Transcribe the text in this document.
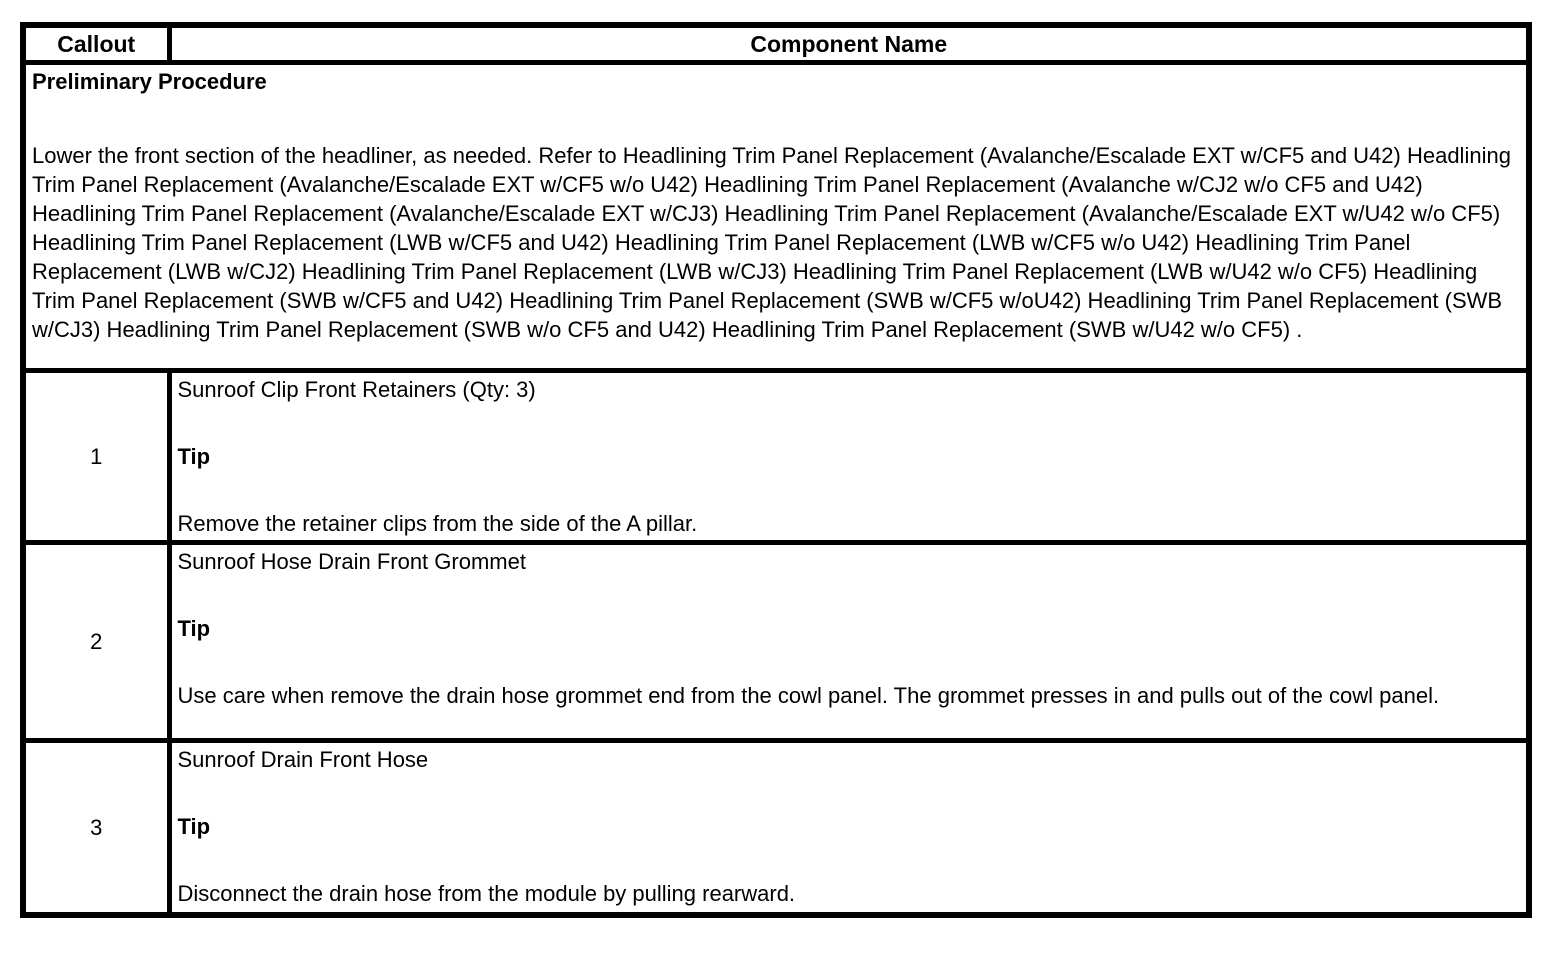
Callout	Component Name

Preliminary Procedure

Lower the front section of the headliner, as needed. Refer to Headlining Trim Panel Replacement (Avalanche/Escalade EXT w/CF5 and U42) Headlining Trim Panel Replacement (Avalanche/Escalade EXT w/CF5 w/o U42) Headlining Trim Panel Replacement (Avalanche w/CJ2 w/o CF5 and U42) Headlining Trim Panel Replacement (Avalanche/Escalade EXT w/CJ3) Headlining Trim Panel Replacement (Avalanche/Escalade EXT w/U42 w/o CF5) Headlining Trim Panel Replacement (LWB w/CF5 and U42) Headlining Trim Panel Replacement (LWB w/CF5 w/o U42) Headlining Trim Panel Replacement (LWB w/CJ2) Headlining Trim Panel Replacement (LWB w/CJ3) Headlining Trim Panel Replacement (LWB w/U42 w/o CF5) Headlining Trim Panel Replacement (SWB w/CF5 and U42) Headlining Trim Panel Replacement (SWB w/CF5 w/oU42) Headlining Trim Panel Replacement (SWB w/CJ3) Headlining Trim Panel Replacement (SWB w/o CF5 and U42) Headlining Trim Panel Replacement (SWB w/U42 w/o CF5) .	

1	Sunroof Clip Front Retainers (Qty: 3)

Tip

Remove the retainer clips from the side of the A pillar.

2	Sunroof Hose Drain Front Grommet

Tip

Use care when remove the drain hose grommet end from the cowl panel. The grommet presses in and pulls out of the cowl panel.

3	Sunroof Drain Front Hose

Tip

Disconnect the drain hose from the module by pulling rearward.
